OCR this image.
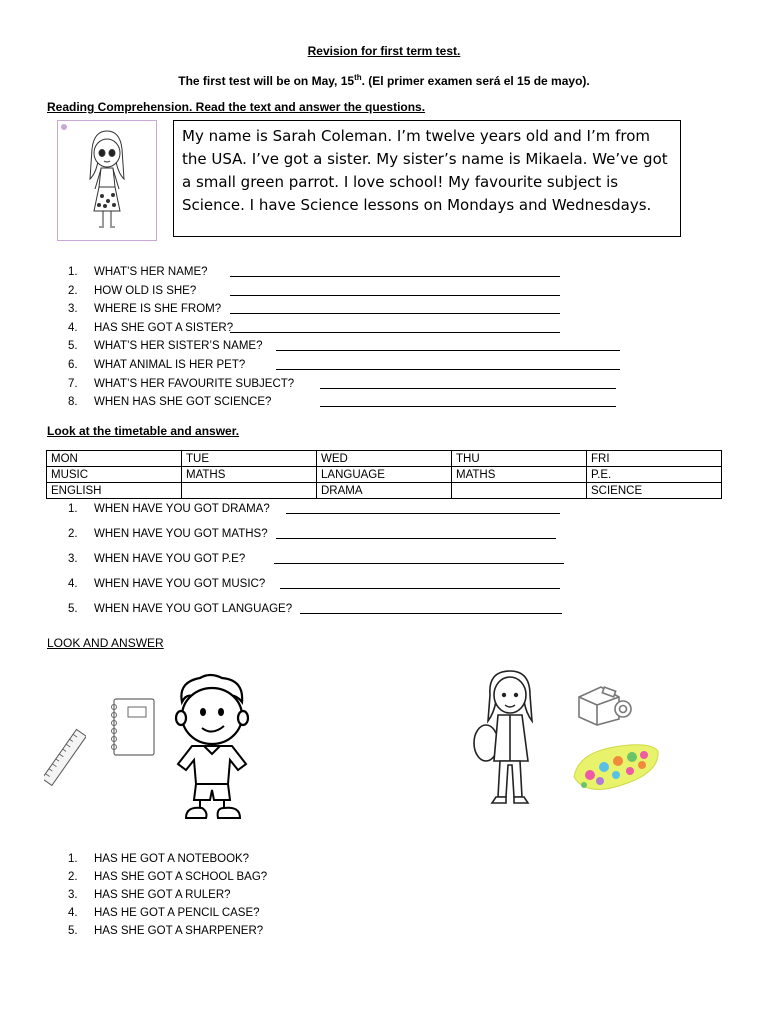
Revision for first term test.
The first test will be on May, 15th. (El primer examen será el 15 de mayo).
Reading Comprehension. Read the text and answer the questions.
My name is Sarah Coleman. I’m twelve years old and I’m from the USA. I’ve got a sister. My sister’s name is Mikaela. We’ve got a small green parrot. I love school! My favourite subject is Science. I have Science lessons on Mondays and Wednesdays.
1. WHAT’S HER NAME?
2. HOW OLD IS SHE?
3. WHERE IS SHE FROM?
4. HAS SHE GOT A SISTER?
5. WHAT’S HER SISTER’S NAME?
6. WHAT ANIMAL IS HER PET?
7. WHAT’S HER FAVOURITE SUBJECT?
8. WHEN HAS SHE GOT SCIENCE?
Look at the timetable and answer.
MON	TUE	WED	THU	FRI
MUSIC	MATHS	LANGUAGE	MATHS	P.E.
ENGLISH		DRAMA		SCIENCE
1. WHEN HAVE YOU GOT DRAMA?
2. WHEN HAVE YOU GOT MATHS?
3. WHEN HAVE YOU GOT P.E?
4. WHEN HAVE YOU GOT MUSIC?
5. WHEN HAVE YOU GOT LANGUAGE?
LOOK AND ANSWER
1. HAS HE GOT A NOTEBOOK?
2. HAS SHE GOT A SCHOOL BAG?
3. HAS SHE GOT A RULER?
4. HAS HE GOT A PENCIL CASE?
5. HAS SHE GOT A SHARPENER?
